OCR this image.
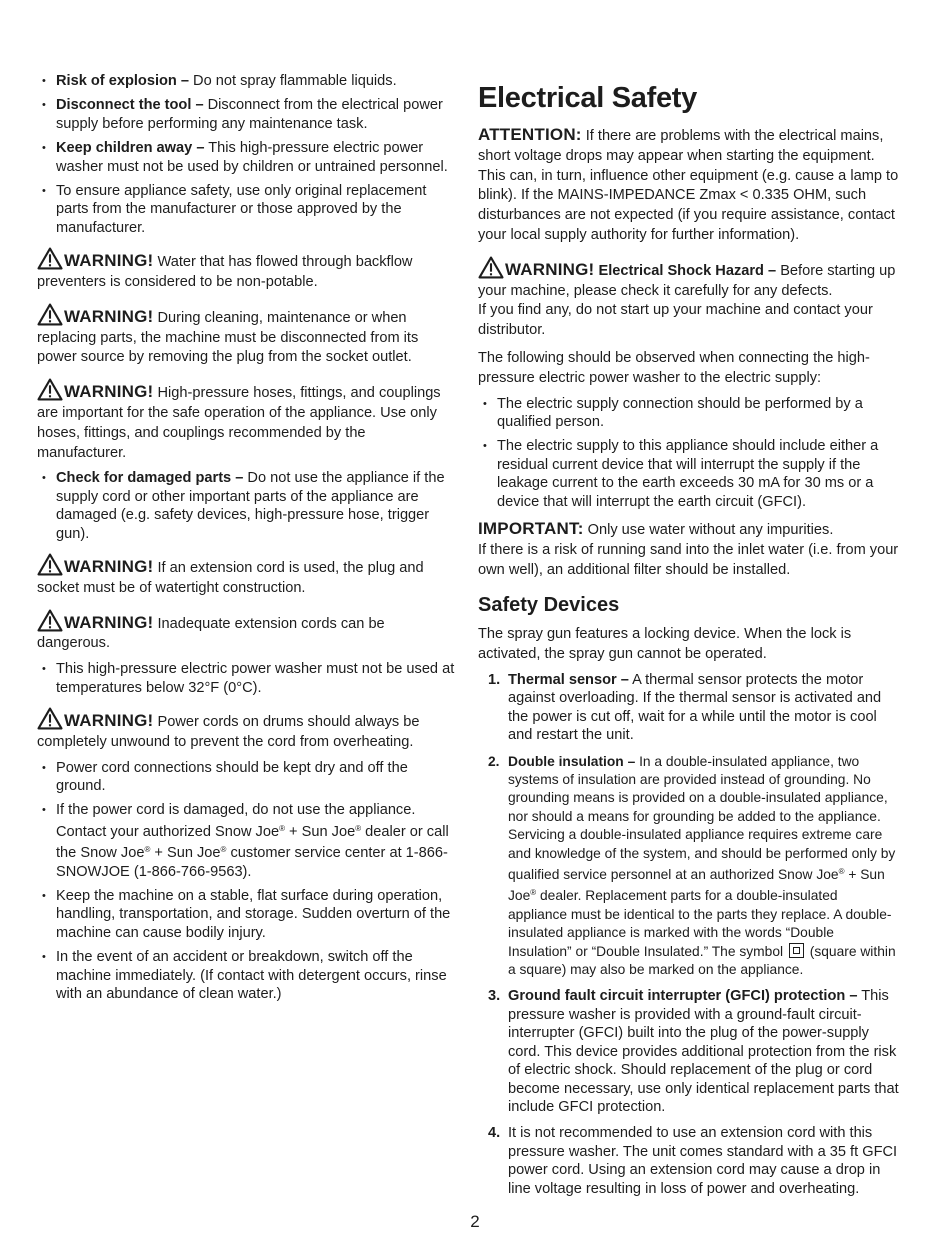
• Risk of explosion – Do not spray flammable liquids.
• Disconnect the tool – Disconnect from the electrical power supply before performing any maintenance task.
• Keep children away – This high-pressure electric power washer must not be used by children or untrained personnel.
• To ensure appliance safety, use only original replacement parts from the manufacturer or those approved by the manufacturer.

WARNING! Water that has flowed through backflow preventers is considered to be non-potable.

WARNING! During cleaning, maintenance or when replacing parts, the machine must be disconnected from its power source by removing the plug from the socket outlet.

WARNING! High-pressure hoses, fittings, and couplings are important for the safe operation of the appliance. Use only hoses, fittings, and couplings recommended by the manufacturer.

• Check for damaged parts – Do not use the appliance if the supply cord or other important parts of the appliance are damaged (e.g. safety devices, high-pressure hose, trigger gun).

WARNING! If an extension cord is used, the plug and socket must be of watertight construction.

WARNING! Inadequate extension cords can be dangerous.

• This high-pressure electric power washer must not be used at temperatures below 32°F (0°C).

WARNING! Power cords on drums should always be completely unwound to prevent the cord from overheating.

• Power cord connections should be kept dry and off the ground.
• If the power cord is damaged, do not use the appliance. Contact your authorized Snow Joe® + Sun Joe® dealer or call the Snow Joe® + Sun Joe® customer service center at 1-866-SNOWJOE (1-866-766-9563).
• Keep the machine on a stable, flat surface during operation, handling, transportation, and storage. Sudden overturn of the machine can cause bodily injury.
• In the event of an accident or breakdown, switch off the machine immediately. (If contact with detergent occurs, rinse with an abundance of clean water.)
Electrical Safety

ATTENTION: If there are problems with the electrical mains, short voltage drops may appear when starting the equipment. This can, in turn, influence other equipment (e.g. cause a lamp to blink). If the MAINS-IMPEDANCE Zmax < 0.335 OHM, such disturbances are not expected (if you require assistance, contact your local supply authority for further information).

WARNING! Electrical Shock Hazard – Before starting up your machine, please check it carefully for any defects.

If you find any, do not start up your machine and contact your distributor.

The following should be observed when connecting the high-pressure electric power washer to the electric supply:

• The electric supply connection should be performed by a qualified person.
• The electric supply to this appliance should include either a residual current device that will interrupt the supply if the leakage current to the earth exceeds 30 mA for 30 ms or a device that will interrupt the earth circuit (GFCI).

IMPORTANT: Only use water without any impurities.

If there is a risk of running sand into the inlet water (i.e. from your own well), an additional filter should be installed.

Safety Devices

The spray gun features a locking device. When the lock is activated, the spray gun cannot be operated.

1. Thermal sensor – A thermal sensor protects the motor against overloading. If the thermal sensor is activated and the power is cut off, wait for a while until the motor is cool and restart the unit.
2. Double insulation – In a double-insulated appliance, two systems of insulation are provided instead of grounding. No grounding means is provided on a double-insulated appliance, nor should a means for grounding be added to the appliance. Servicing a double-insulated appliance requires extreme care and knowledge of the system, and should be performed only by qualified service personnel at an authorized Snow Joe® + Sun Joe® dealer. Replacement parts for a double-insulated appliance must be identical to the parts they replace. A double-insulated appliance is marked with the words “Double Insulation” or “Double Insulated.” The symbol  (square within a square) may also be marked on the appliance.
3. Ground fault circuit interrupter (GFCI) protection – This pressure washer is provided with a ground-fault circuit-interrupter (GFCI) built into the plug of the power-supply cord. This device provides additional protection from the risk of electric shock. Should replacement of the plug or cord become necessary, use only identical replacement parts that include GFCI protection.
4. It is not recommended to use an extension cord with this pressure washer. The unit comes standard with a 35 ft GFCI power cord. Using an extension cord may cause a drop in line voltage resulting in loss of power and overheating.
2
